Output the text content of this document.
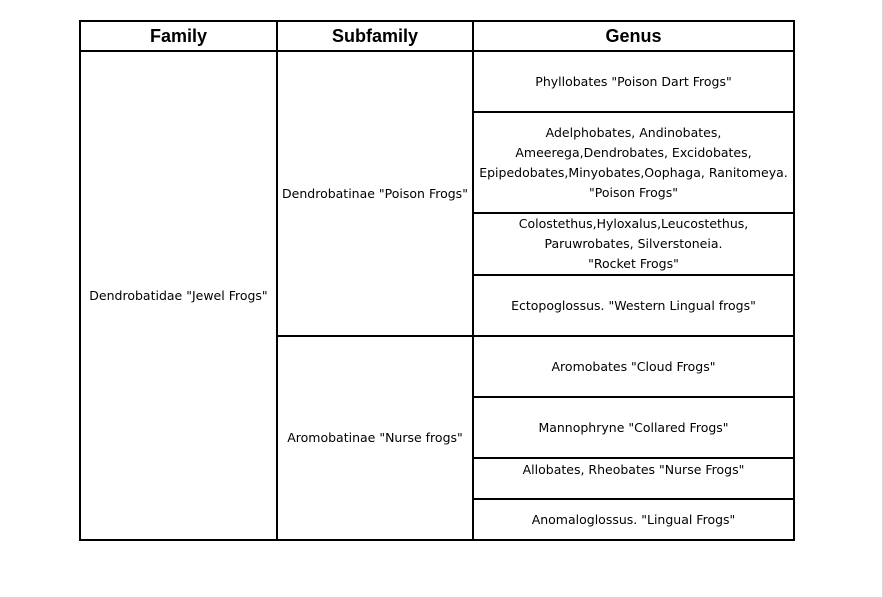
Family	Subfamily	Genus
Dendrobatidae "Jewel Frogs"	Dendrobatinae "Poison Frogs"	Phyllobates "Poison Dart Frogs"

		Adelphobates, Andinobates,
Ameerega,Dendrobates, Excidobates,
Epipedobates,Minyobates,Oophaga, Ranitomeya.
"Poison Frogs"

		Colostethus,Hyloxalus,Leucostethus,
Paruwrobates, Silverstoneia.
"Rocket Frogs"

		Ectopoglossus. "Western Lingual frogs"

	Aromobatinae "Nurse frogs"	Aromobates "Cloud Frogs"

		Mannophryne "Collared Frogs"

		Allobates, Rheobates "Nurse Frogs"

		Anomaloglossus. "Lingual Frogs"
